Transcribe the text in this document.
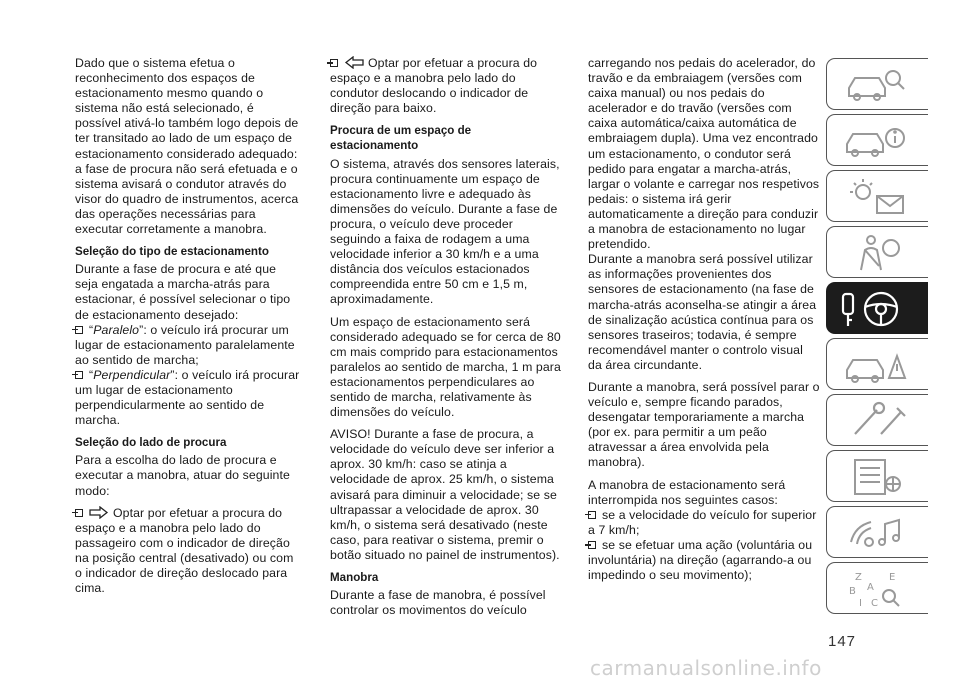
Dado que o sistema efetua o reconhecimento dos espaços de estacionamento mesmo quando o sistema não está selecionado, é possível ativá-lo também logo depois de ter transitado ao lado de um espaço de estacionamento considerado adequado: a fase de procura não será efetuada e o sistema avisará o condutor através do visor do quadro de instrumentos, acerca das operações necessárias para executar corretamente a manobra.
Seleção do tipo de estacionamento
Durante a fase de procura e até que seja engatada a marcha-atrás para estacionar, é possível selecionar o tipo de estacionamento desejado:
“Paralelo”: o veículo irá procurar um lugar de estacionamento paralelamente ao sentido de marcha;
“Perpendicular”: o veículo irá procurar um lugar de estacionamento perpendicularmente ao sentido de marcha.
Seleção do lado de procura
Para a escolha do lado de procura e executar a manobra, atuar do seguinte modo:
Optar por efetuar a procura do espaço e a manobra pelo lado do passageiro com o indicador de direção na posição central (desativado) ou com o indicador de direção deslocado para cima.
Optar por efetuar a procura do espaço e a manobra pelo lado do condutor deslocando o indicador de direção para baixo.
Procura de um espaço de estacionamento
O sistema, através dos sensores laterais, procura continuamente um espaço de estacionamento livre e adequado às dimensões do veículo. Durante a fase de procura, o veículo deve proceder seguindo a faixa de rodagem a uma velocidade inferior a 30 km/h e a uma distância dos veículos estacionados compreendida entre 50 cm e 1,5 m, aproximadamente.
Um espaço de estacionamento será considerado adequado se for cerca de 80 cm mais comprido para estacionamentos paralelos ao sentido de marcha, 1 m para estacionamentos perpendiculares ao sentido de marcha, relativamente às dimensões do veículo.
AVISO! Durante a fase de procura, a velocidade do veículo deve ser inferior a aprox. 30 km/h: caso se atinja a velocidade de aprox. 25 km/h, o sistema avisará para diminuir a velocidade; se se ultrapassar a velocidade de aprox. 30 km/h, o sistema será desativado (neste caso, para reativar o sistema, premir o botão situado no painel de instrumentos).
Manobra
Durante a fase de manobra, é possível controlar os movimentos do veículo
carregando nos pedais do acelerador, do travão e da embraiagem (versões com caixa manual) ou nos pedais do acelerador e do travão (versões com caixa automática/caixa automática de embraiagem dupla). Uma vez encontrado um estacionamento, o condutor será pedido para engatar a marcha-atrás, largar o volante e carregar nos respetivos pedais: o sistema irá gerir automaticamente a direção para conduzir a manobra de estacionamento no lugar pretendido.
Durante a manobra será possível utilizar as informações provenientes dos sensores de estacionamento (na fase de marcha-atrás aconselha-se atingir a área de sinalização acústica contínua para os sensores traseiros; todavia, é sempre recomendável manter o controlo visual da área circundante.
Durante a manobra, será possível parar o veículo e, sempre ficando parados, desengatar temporariamente a marcha (por ex. para permitir a um peão atravessar a área envolvida pela manobra).
A manobra de estacionamento será interrompida nos seguintes casos:
se a velocidade do veículo for superior a 7 km/h;
se se efetuar uma ação (voluntária ou involuntária) na direção (agarrando-a ou impedindo o seu movimento);	Z	E
B A
I C
147
carmanualsonline.info
